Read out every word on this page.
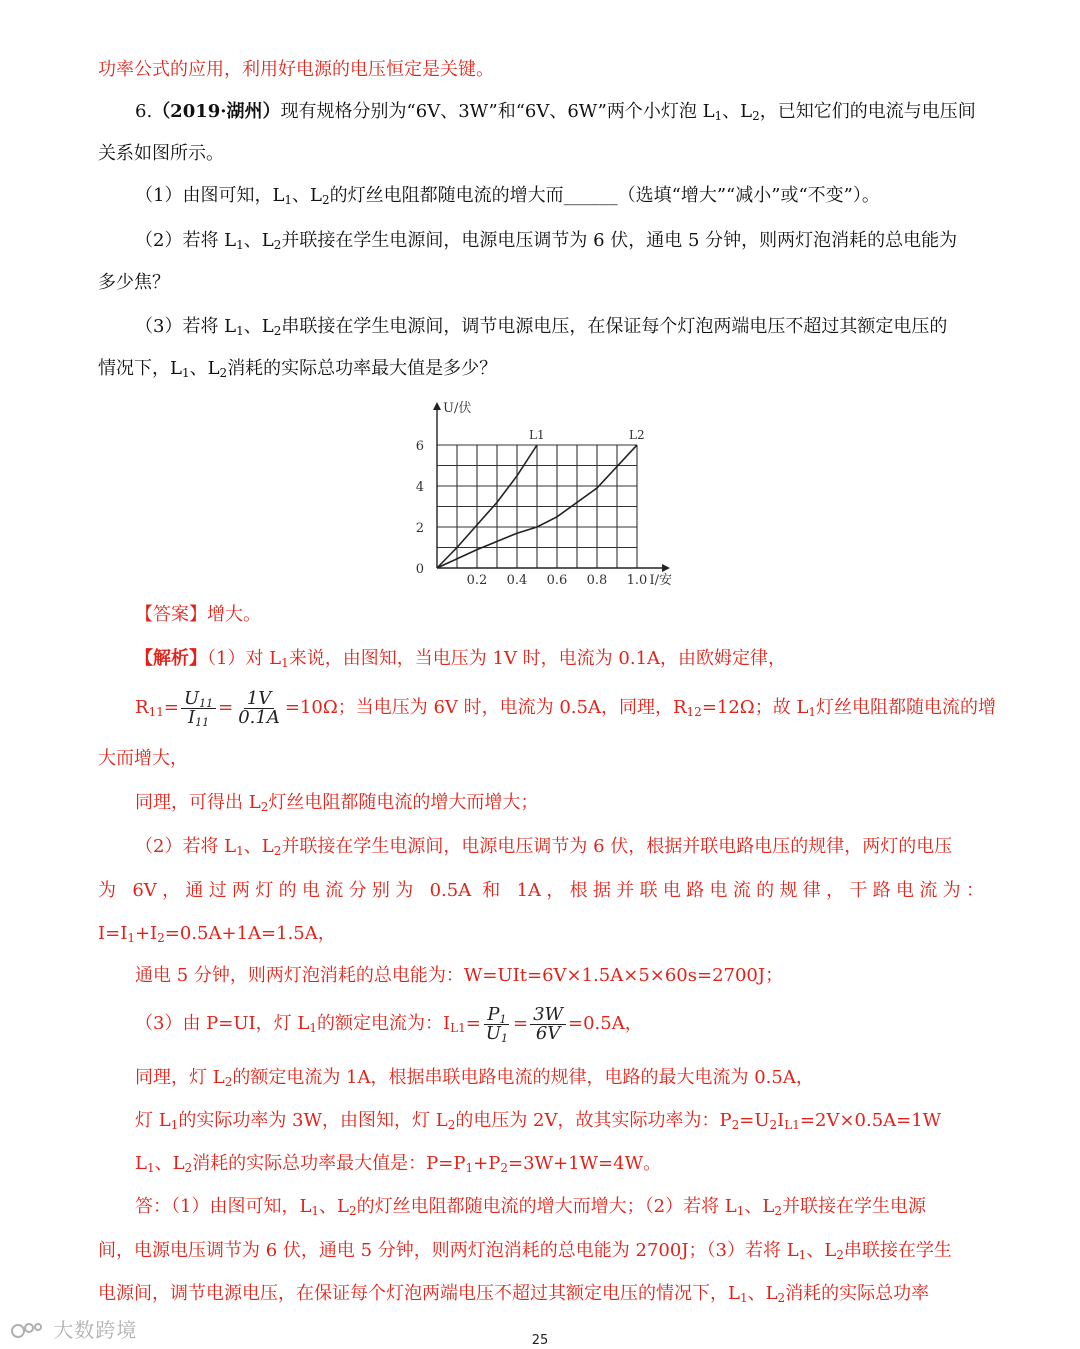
功率公式的应用，利用好电源的电压恒定是关键。
6.（2019·湖州）现有规格分别为“6V、3W”和“6V、6W”两个小灯泡 $L_1$、$L_2$，已知它们的电流与电压间
关系如图所示。
（1）由图可知，$L_1$、$L_2$的灯丝电阻都随电流的增大而______（选填“增大”“减小”或“不变”）。
（2）若将 $L_1$、$L_2$并联接在学生电源间，电源电压调节为 6 伏，通电 5 分钟，则两灯泡消耗的总电能为
多少焦？
（3）若将 $L_1$、$L_2$串联接在学生电源间，调节电源电压，在保证每个灯泡两端电压不超过其额定电压的
情况下，$L_1$、$L_2$消耗的实际总功率最大值是多少？
L1	L2
0
2
4
6
0.2 0.4 0.6 0.8 1.0
U/伏
I/安
【答案】增大。
【解析】（1）对 $L_1$来说，由图知，当电压为 1V 时，电流为 0.1A，由欧姆定律，
$R_{11}= \frac{U_{11}}{I_{11}} = \frac{1V}{0.1A} =10\Omega$；当电压为 6V 时，电流为 0.5A，同理，$R_{12}=12\Omega$；故 $L_1$灯丝电阻都随电流的增
大而增大，
同理，可得出 $L_2$灯丝电阻都随电流的增大而增大；
（2）若将 $L_1$、$L_2$并联接在学生电源间，电源电压调节为 6 伏，根据并联电路电压的规律，两灯的电压
为 6V，通过两灯的电流分别为 0.5A 和 1A，根据并联电路电流的规律，干路电流为：
$I=I_1+I_2=0.5A+1A=1.5A$，
通电 5 分钟，则两灯泡消耗的总电能为：W=UIt=6V×1.5A×5×60s=2700J；
（3）由 P=UI，灯 $L_1$的额定电流为：$I_{L1}= \frac{P_1}{U_1} = \frac{3W}{6V} =0.5A$，
同理，灯 $L_2$的额定电流为 1A，根据串联电路电流的规律，电路的最大电流为 0.5A，
灯 $L_1$的实际功率为 3W，由图知，灯 $L_2$的电压为 2V，故其实际功率为：$P_2=U_2I_{L1}=2V\times 0.5A=1W$
$L_1$、$L_2$消耗的实际总功率最大值是：$P=P_1+P_2=3W+1W=4W$。
答：（1）由图可知，$L_1$、$L_2$的灯丝电阻都随电流的增大而增大；（2）若将 $L_1$、$L_2$并联接在学生电源
间，电源电压调节为 6 伏，通电 5 分钟，则两灯泡消耗的总电能为 2700J；（3）若将 $L_1$、$L_2$串联接在学生
电源间，调节电源电压，在保证每个灯泡两端电压不超过其额定电压的情况下，$L_1$、$L_2$消耗的实际总功率
大数跨境	25
